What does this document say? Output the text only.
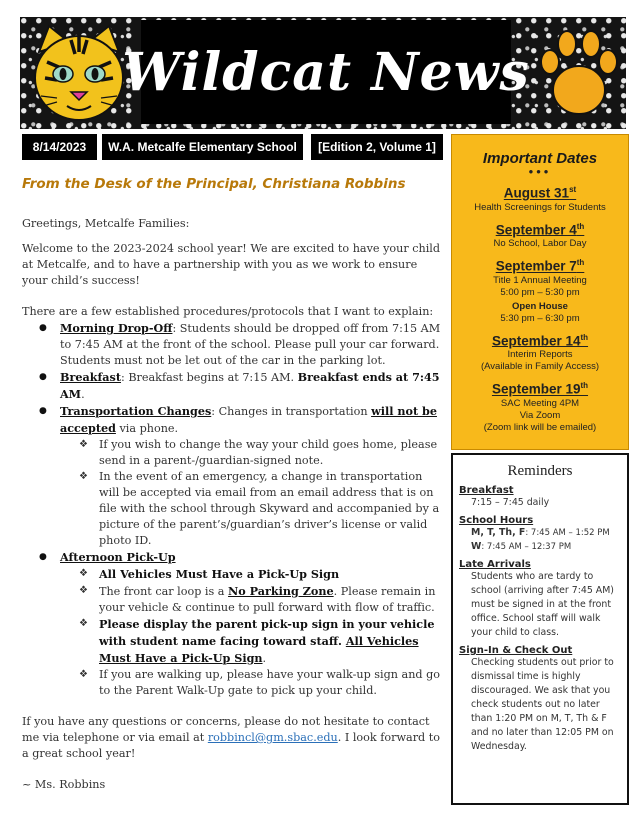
Wildcat News
8/14/2023 W.A. Metcalfe Elementary School [Edition 2, Volume 1]
From the Desk of the Principal, Christiana Robbins
Greetings, Metcalfe Families:
Welcome to the 2023-2024 school year! We are excited to have your child at Metcalfe, and to have a partnership with you as we work to ensure your child’s success!
There are a few established procedures/protocols that I want to explain:
● Morning Drop-Off: Students should be dropped off from 7:15 AM to 7:45 AM at the front of the school. Please pull your car forward. Students must not be let out of the car in the parking lot.
● Breakfast: Breakfast begins at 7:15 AM. Breakfast ends at 7:45 AM.
● Transportation Changes: Changes in transportation will not be accepted via phone.
❖ If you wish to change the way your child goes home, please send in a parent-/guardian-signed note.
❖ In the event of an emergency, a change in transportation will be accepted via email from an email address that is on file with the school through Skyward and accompanied by a picture of the parent’s/guardian’s driver’s license or valid photo ID.
● Afternoon Pick-Up
❖ All Vehicles Must Have a Pick-Up Sign
❖ The front car loop is a No Parking Zone. Please remain in your vehicle & continue to pull forward with flow of traffic.
❖ Please display the parent pick-up sign in your vehicle with student name facing toward staff. All Vehicles Must Have a Pick-Up Sign.
❖ If you are walking up, please have your walk-up sign and go to the Parent Walk-Up gate to pick up your child.
If you have any questions or concerns, please do not hesitate to contact me via telephone or via email at robbincl@gm.sbac.edu. I look forward to a great school year!
~ Ms. Robbins
Important Dates
•••
August 31st
Health Screenings for Students
September 4th
No School, Labor Day
September 7th
Title 1 Annual Meeting
5:00 pm – 5:30 pm
Open House
5:30 pm – 6:30 pm
September 14th
Interim Reports
(Available in Family Access)
September 19th
SAC Meeting 4PM
Via Zoom
(Zoom link will be emailed)
Reminders
Breakfast
7:15 – 7:45 daily
School Hours
M, T, Th, F: 7:45 AM – 1:52 PM
W: 7:45 AM – 12:37 PM
Late Arrivals
Students who are tardy to school (arriving after 7:45 AM) must be signed in at the front office. School staff will walk your child to class.
Sign-In & Check Out
Checking students out prior to dismissal time is highly discouraged. We ask that you check students out no later than 1:20 PM on M, T, Th & F and no later than 12:05 PM on Wednesday.
